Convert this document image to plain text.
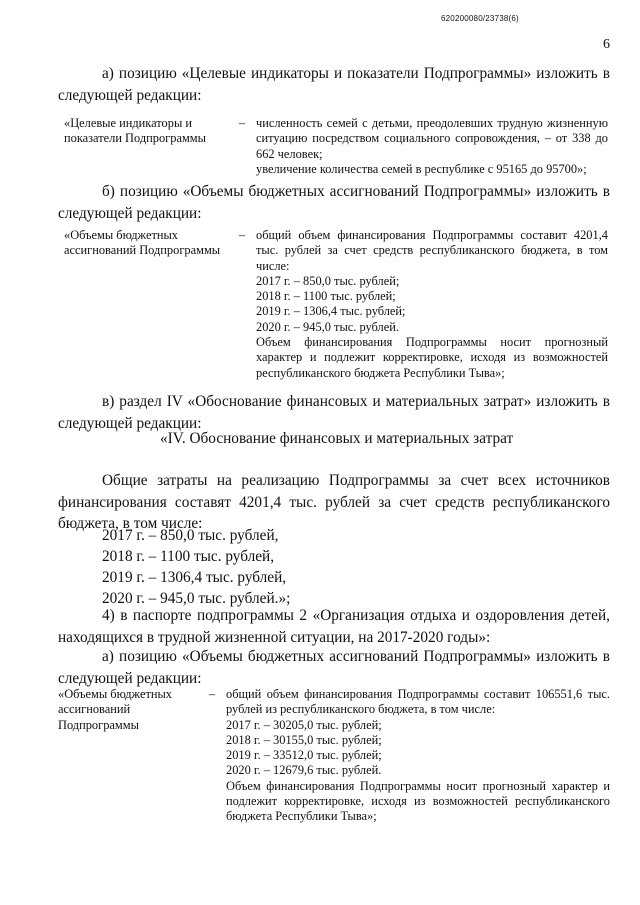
620200080/23738(6)
6
а) позицию «Целевые индикаторы и показатели Подпрограммы» изложить в следующей редакции:
«Целевые индикаторы и показатели Подпрограммы
– численность семей с детьми, преодолевших трудную жизненную ситуацию посредством социального сопровождения, – от 338 до 662 человек;
увеличение количества семей в республике с 95165 до 95700»;
б) позицию «Объемы бюджетных ассигнований Подпрограммы» изложить в следующей редакции:
«Объемы бюджетных ассигнований Подпрограммы
– общий объем финансирования Подпрограммы составит 4201,4 тыс. рублей за счет средств республиканского бюджета, в том числе:
2017 г. – 850,0 тыс. рублей;
2018 г. – 1100 тыс. рублей;
2019 г. – 1306,4 тыс. рублей;
2020 г. – 945,0 тыс. рублей.
Объем финансирования Подпрограммы носит прогнозный характер и подлежит корректировке, исходя из возможностей республиканского бюджета Республики Тыва»;
в) раздел IV «Обоснование финансовых и материальных затрат» изложить в следующей редакции:
«IV. Обоснование финансовых и материальных затрат
Общие затраты на реализацию Подпрограммы за счет всех источников финансирования составят 4201,4 тыс. рублей за счет средств республиканского бюджета, в том числе:
2017 г. – 850,0 тыс. рублей,
2018 г. – 1100 тыс. рублей,
2019 г. – 1306,4 тыс. рублей,
2020 г. – 945,0 тыс. рублей.»;
4) в паспорте подпрограммы 2 «Организация отдыха и оздоровления детей, находящихся в трудной жизненной ситуации, на 2017-2020 годы»:
а) позицию «Объемы бюджетных ассигнований Подпрограммы» изложить в следующей редакции:
«Объемы бюджетных ассигнований Подпрограммы
– общий объем финансирования Подпрограммы составит 106551,6 тыс. рублей из республиканского бюджета, в том числе:
2017 г. – 30205,0 тыс. рублей;
2018 г. – 30155,0 тыс. рублей;
2019 г. – 33512,0 тыс. рублей;
2020 г. – 12679,6 тыс. рублей.
Объем финансирования Подпрограммы носит прогнозный характер и подлежит корректировке, исходя из возможностей республиканского бюджета Республики Тыва»;
